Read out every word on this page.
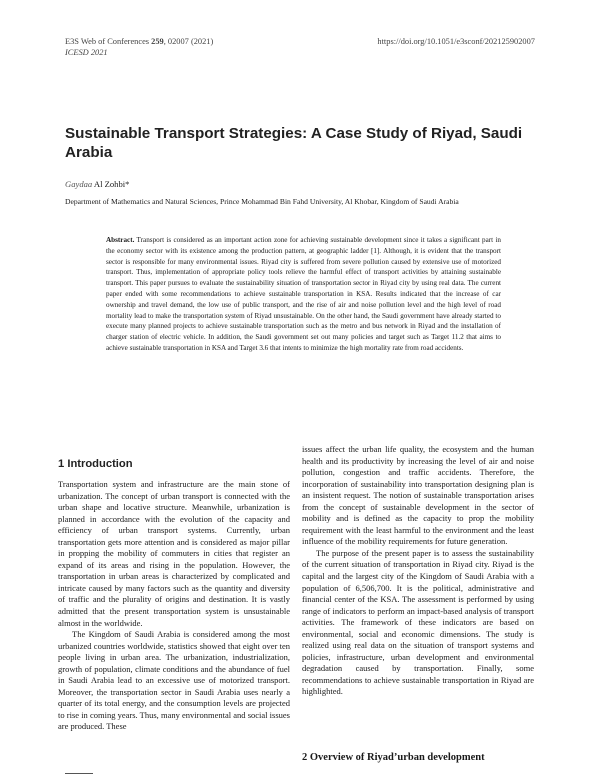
E3S Web of Conferences 259, 02007 (2021)
ICESD 2021
https://doi.org/10.1051/e3sconf/202125902007
Sustainable Transport Strategies: A Case Study of Riyad, Saudi Arabia
Gaydaa Al Zohbi*
Department of Mathematics and Natural Sciences, Prince Mohammad Bin Fahd University, Al Khobar, Kingdom of Saudi Arabia
Abstract. Transport is considered as an important action zone for achieving sustainable development since it takes a significant part in the economy sector with its existence among the production pattern, at geographic ladder [1]. Although, it is evident that the transport sector is responsible for many environmental issues. Riyad city is suffered from severe pollution caused by extensive use of motorized transport. Thus, implementation of appropriate policy tools relieve the harmful effect of transport activities by attaining sustainable transport. This paper pursues to evaluate the sustainability situation of transportation sector in Riyad city by using real data. The current paper ended with some recommendations to achieve sustainable transportation in KSA. Results indicated that the increase of car ownership and travel demand, the low use of public transport, and the rise of air and noise pollution level and the high level of road mortality lead to make the transportation system of Riyad unsustainable. On the other hand, the Saudi government have already started to execute many planned projects to achieve sustainable transportation such as the metro and bus network in Riyad and the installation of charger station of electric vehicle. In addition, the Saudi government set out many policies and target such as Target 11.2 that aims to achieve sustainable transportation in KSA and Target 3.6 that intents to minimize the high mortality rate from road accidents.
1 Introduction

Transportation system and infrastructure are the main stone of urbanization. The concept of urban transport is connected with the urban shape and locative structure. Meanwhile, urbanization is planned in accordance with the evolution of the capacity and efficiency of urban transport systems. Currently, urban transportation gets more attention and is considered as major pillar in propping the mobility of commuters in cities that register an expand of its areas and rising in the population. However, the transportation in urban areas is characterized by complicated and intricate caused by many factors such as the quantity and diversity of traffic and the plurality of origins and destination. It is vastly admitted that the present transportation system is unsustainable almost in the worldwide.

The Kingdom of Saudi Arabia is considered among the most urbanized countries worldwide, statistics showed that eight over ten people living in urban area. The urbanization, industrialization, growth of population, climate conditions and the abundance of fuel in Saudi Arabia lead to an excessive use of motorized transport. Moreover, the transportation sector in Saudi Arabia uses nearly a quarter of its total energy, and the consumption levels are projected to rise in coming years. Thus, many environmental and social issues are produced. These

issues affect the urban life quality, the ecosystem and the human health and its productivity by increasing the level of air and noise pollution, congestion and traffic accidents. Therefore, the incorporation of sustainability into transportation designing plan is an insistent request. The notion of sustainable transportation arises from the concept of sustainable development in the sector of mobility and is defined as the capacity to prop the mobility requirement with the least harmful to the environment and the least influence of the mobility requirements for future generation.

The purpose of the present paper is to assess the sustainability of the current situation of transportation in Riyad city. Riyad is the capital and the largest city of the Kingdom of Saudi Arabia with a population of 6,506,700. It is the political, administrative and financial center of the KSA. The assessment is performed by using range of indicators to perform an impact-based analysis of transport activities. The framework of these indicators are based on environmental, social and economic dimensions. The study is realized using real data on the situation of transport systems and policies, infrastructure, urban development and environmental degradation caused by transportation. Finally, some recommendations to achieve sustainable transportation in Riyad are highlighted.

2 Overview of Riyad’urban development
